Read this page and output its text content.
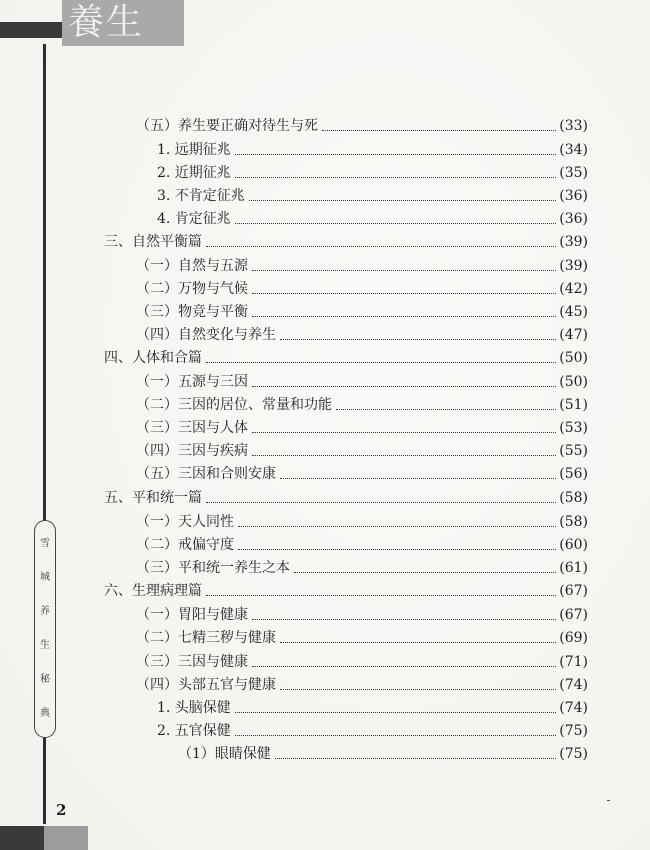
養生
雪
城
养
生
秘
典
2
（五）养生要正确对待生与死	(33)
1. 远期征兆	(34)
2. 近期征兆	(35)
3. 不肯定征兆	(36)
4. 肯定征兆	(36)
三、自然平衡篇	(39)
（一）自然与五源	(39)
（二）万物与气候	(42)
（三）物竞与平衡	(45)
（四）自然变化与养生	(47)
四、人体和合篇	(50)
（一）五源与三因	(50)
（二）三因的居位、常量和功能	(51)
（三）三因与人体	(53)
（四）三因与疾病	(55)
（五）三因和合则安康	(56)
五、平和统一篇	(58)
（一）天人同性	(58)
（二）戒偏守度	(60)
（三）平和统一养生之本	(61)
六、生理病理篇	(67)
（一）胃阳与健康	(67)
（二）七精三秽与健康	(69)
（三）三因与健康	(71)
（四）头部五官与健康	(74)
1. 头脑保健	(74)
2. 五官保健	(75)
（1）眼睛保健	(75)
